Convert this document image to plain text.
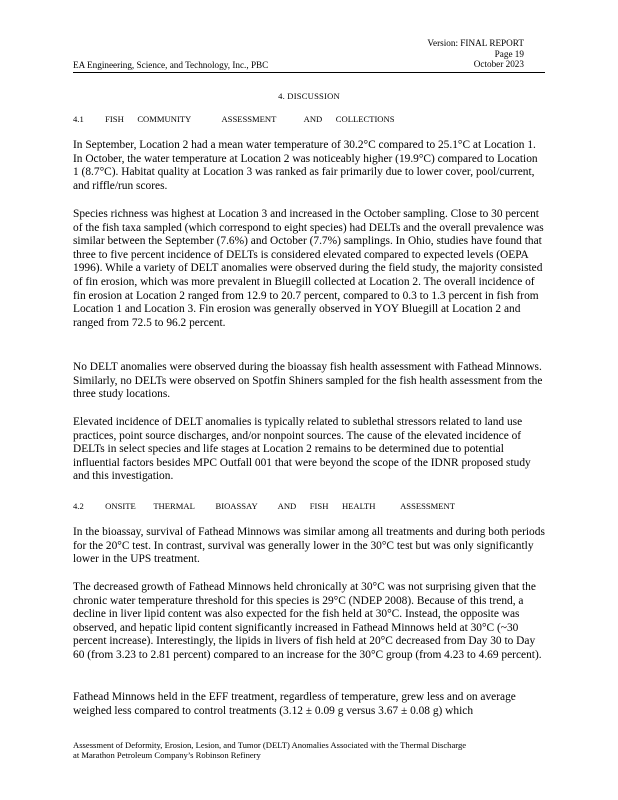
Version: FINAL REPORT
Page 19
October 2023
EA Engineering, Science, and Technology, Inc., PBC
4. DISCUSSION
4.1 FISH COMMUNITY	ASSESSMENT	AND COLLECTIONS
In September, Location 2 had a mean water temperature of 30.2°C compared to 25.1°C at Location 1. In October, the water temperature at Location 2 was noticeably higher (19.9°C) compared to Location 1 (8.7°C). Habitat quality at Location 3 was ranked as fair primarily due to lower cover, pool/current, and riffle/run scores.
Species richness was highest at Location 3 and increased in the October sampling. Close to 30 percent of the fish taxa sampled (which correspond to eight species) had DELTs and the overall prevalence was similar between the September (7.6%) and October (7.7%) samplings. In Ohio, studies have found that three to five percent incidence of DELTs is considered elevated compared to expected levels (OEPA 1996). While a variety of DELT anomalies were observed during the field study, the majority consisted of fin erosion, which was more prevalent in Bluegill collected at Location 2. The overall incidence of fin erosion at Location 2 ranged from 12.9 to 20.7 percent, compared to 0.3 to 1.3 percent in fish from Location 1 and Location 3. Fin erosion was generally observed in YOY Bluegill at Location 2 and ranged from 72.5 to 96.2 percent.
No DELT anomalies were observed during the bioassay fish health assessment with Fathead Minnows. Similarly, no DELTs were observed on Spotfin Shiners sampled for the fish health assessment from the three study locations.
Elevated incidence of DELT anomalies is typically related to sublethal stressors related to land use practices, point source discharges, and/or nonpoint sources. The cause of the elevated incidence of DELTs in select species and life stages at Location 2 remains to be determined due to potential influential factors besides MPC Outfall 001 that were beyond the scope of the IDNR proposed study and this investigation.
4.2 ONSITE THERMAL BIOASSAY AND FISH HEALTH	ASSESSMENT
In the bioassay, survival of Fathead Minnows was similar among all treatments and during both periods for the 20°C test. In contrast, survival was generally lower in the 30°C test but was only significantly lower in the UPS treatment.
The decreased growth of Fathead Minnows held chronically at 30°C was not surprising given that the chronic water temperature threshold for this species is 29°C (NDEP 2008). Because of this trend, a decline in liver lipid content was also expected for the fish held at 30°C. Instead, the opposite was observed, and hepatic lipid content significantly increased in Fathead Minnows held at 30°C (~30 percent increase). Interestingly, the lipids in livers of fish held at 20°C decreased from Day 30 to Day 60 (from 3.23 to 2.81 percent) compared to an increase for the 30°C group (from 4.23 to 4.69 percent).
Fathead Minnows held in the EFF treatment, regardless of temperature, grew less and on average weighed less compared to control treatments (3.12 ± 0.09 g versus 3.67 ± 0.08 g) which
Assessment of Deformity, Erosion, Lesion, and Tumor (DELT) Anomalies Associated with the Thermal Discharge
at Marathon Petroleum Company’s Robinson Refinery
